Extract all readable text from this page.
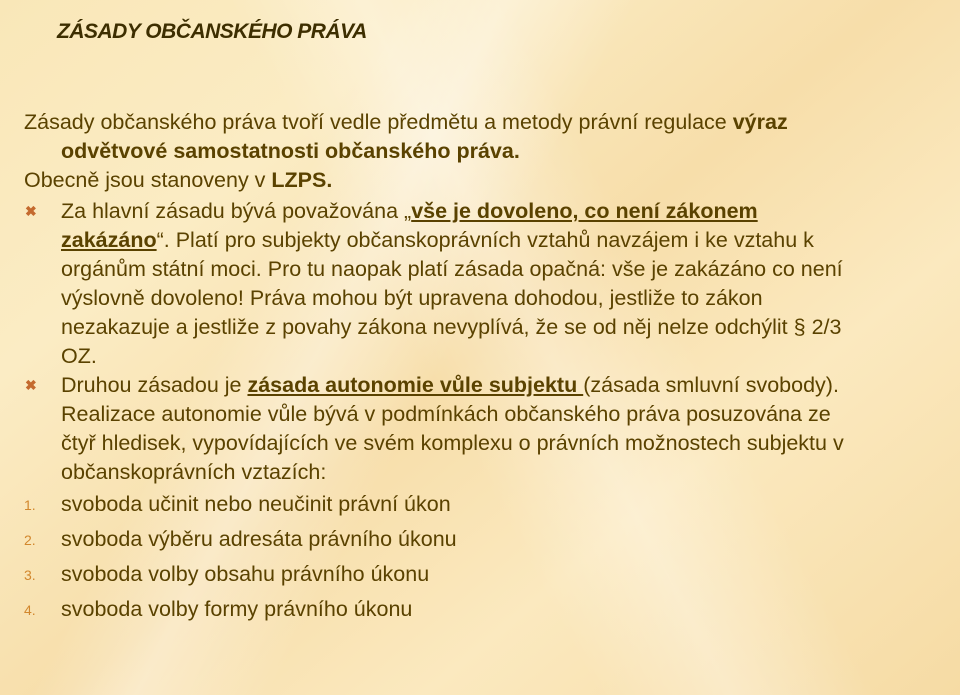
ZÁSADY OBČANSKÉHO PRÁVA

Zásady občanského práva tvoří vedle předmětu a metody právní regulace výraz
odvětvové samostatnosti občanského práva.

Obecně jsou stanoveny v LZPS.

✖ Za hlavní zásadu bývá považována „vše je dovoleno, co není zákonem
zakázáno“. Platí pro subjekty občanskoprávních vztahů navzájem i ke vztahu k
orgánům státní moci. Pro tu naopak platí zásada opačná: vše je zakázáno co není
výslovně dovoleno! Práva mohou být upravena dohodou, jestliže to zákon
nezakazuje a jestliže z povahy zákona nevyplívá, že se od něj nelze odchýlit § 2/3
OZ.
✖ Druhou zásadou je zásada autonomie vůle subjektu (zásada smluvní svobody).
Realizace autonomie vůle bývá v podmínkách občanského práva posuzována ze
čtyř hledisek, vypovídajících ve svém komplexu o právních možnostech subjektu v
občanskoprávních vztazích:
1. svoboda učinit nebo neučinit právní úkon
2. svoboda výběru adresáta právního úkonu
3. svoboda volby obsahu právního úkonu
4. svoboda volby formy právního úkonu
